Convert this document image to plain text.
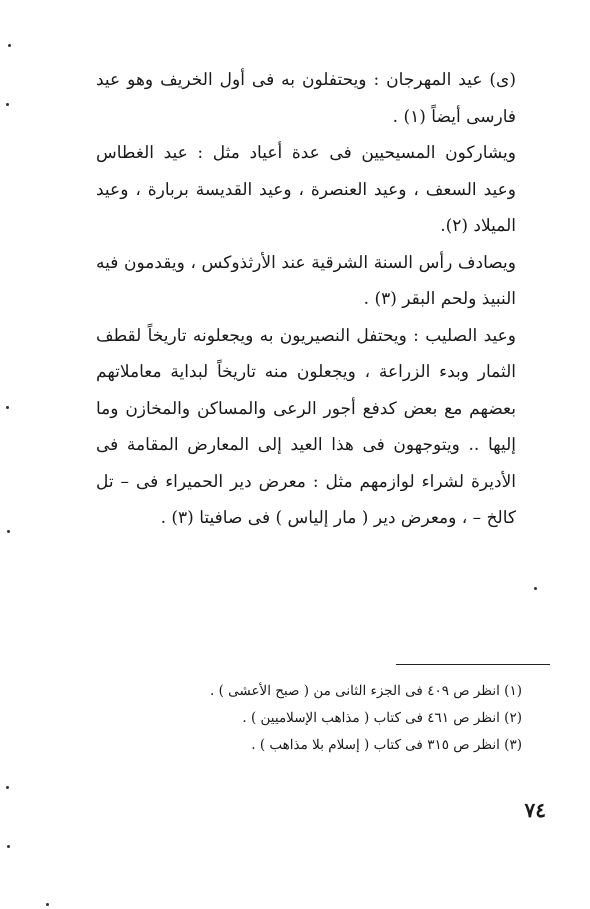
(ى) عيد المهرجان : ويحتفلون به فى أول الخريف وهو عيد فارسى أيضاً (١) .

ويشاركون المسيحيين فى عدة أعياد مثل : عيد الغطاس وعيد السعف ، وعيد العنصرة ، وعيد القديسة بربارة ، وعيد الميلاد (٢).

ويصادف رأس السنة الشرقية عند الأرثذوكس ، ويقدمون فيه النبيذ ولحم البقر (٣) .

وعيد الصليب : ويحتفل النصيريون به ويجعلونه تاريخاً لقطف الثمار وبدء الزراعة ، ويجعلون منه تاريخاً لبداية معاملاتهم بعضهم مع بعض كدفع أجور الرعى والمساكن والمخازن وما إليها .. ويتوجهون فى هذا العيد إلى المعارض المقامة فى الأديرة لشراء لوازمهم مثل : معرض دير الحميراء فى – تل كالخ – ، ومعرض دير ( مار إلياس ) فى صافيتا (٣) .

(١) انظر ص ٤٠٩ فى الجزء الثانى من ( صبح الأعشى ) .

(٢) انظر ص ٤٦١ فى كتاب ( مذاهب الإسلاميين ) .

(٣) انظر ص ٣١٥ فى كتاب ( إسلام بلا مذاهب ) .

٧٤
